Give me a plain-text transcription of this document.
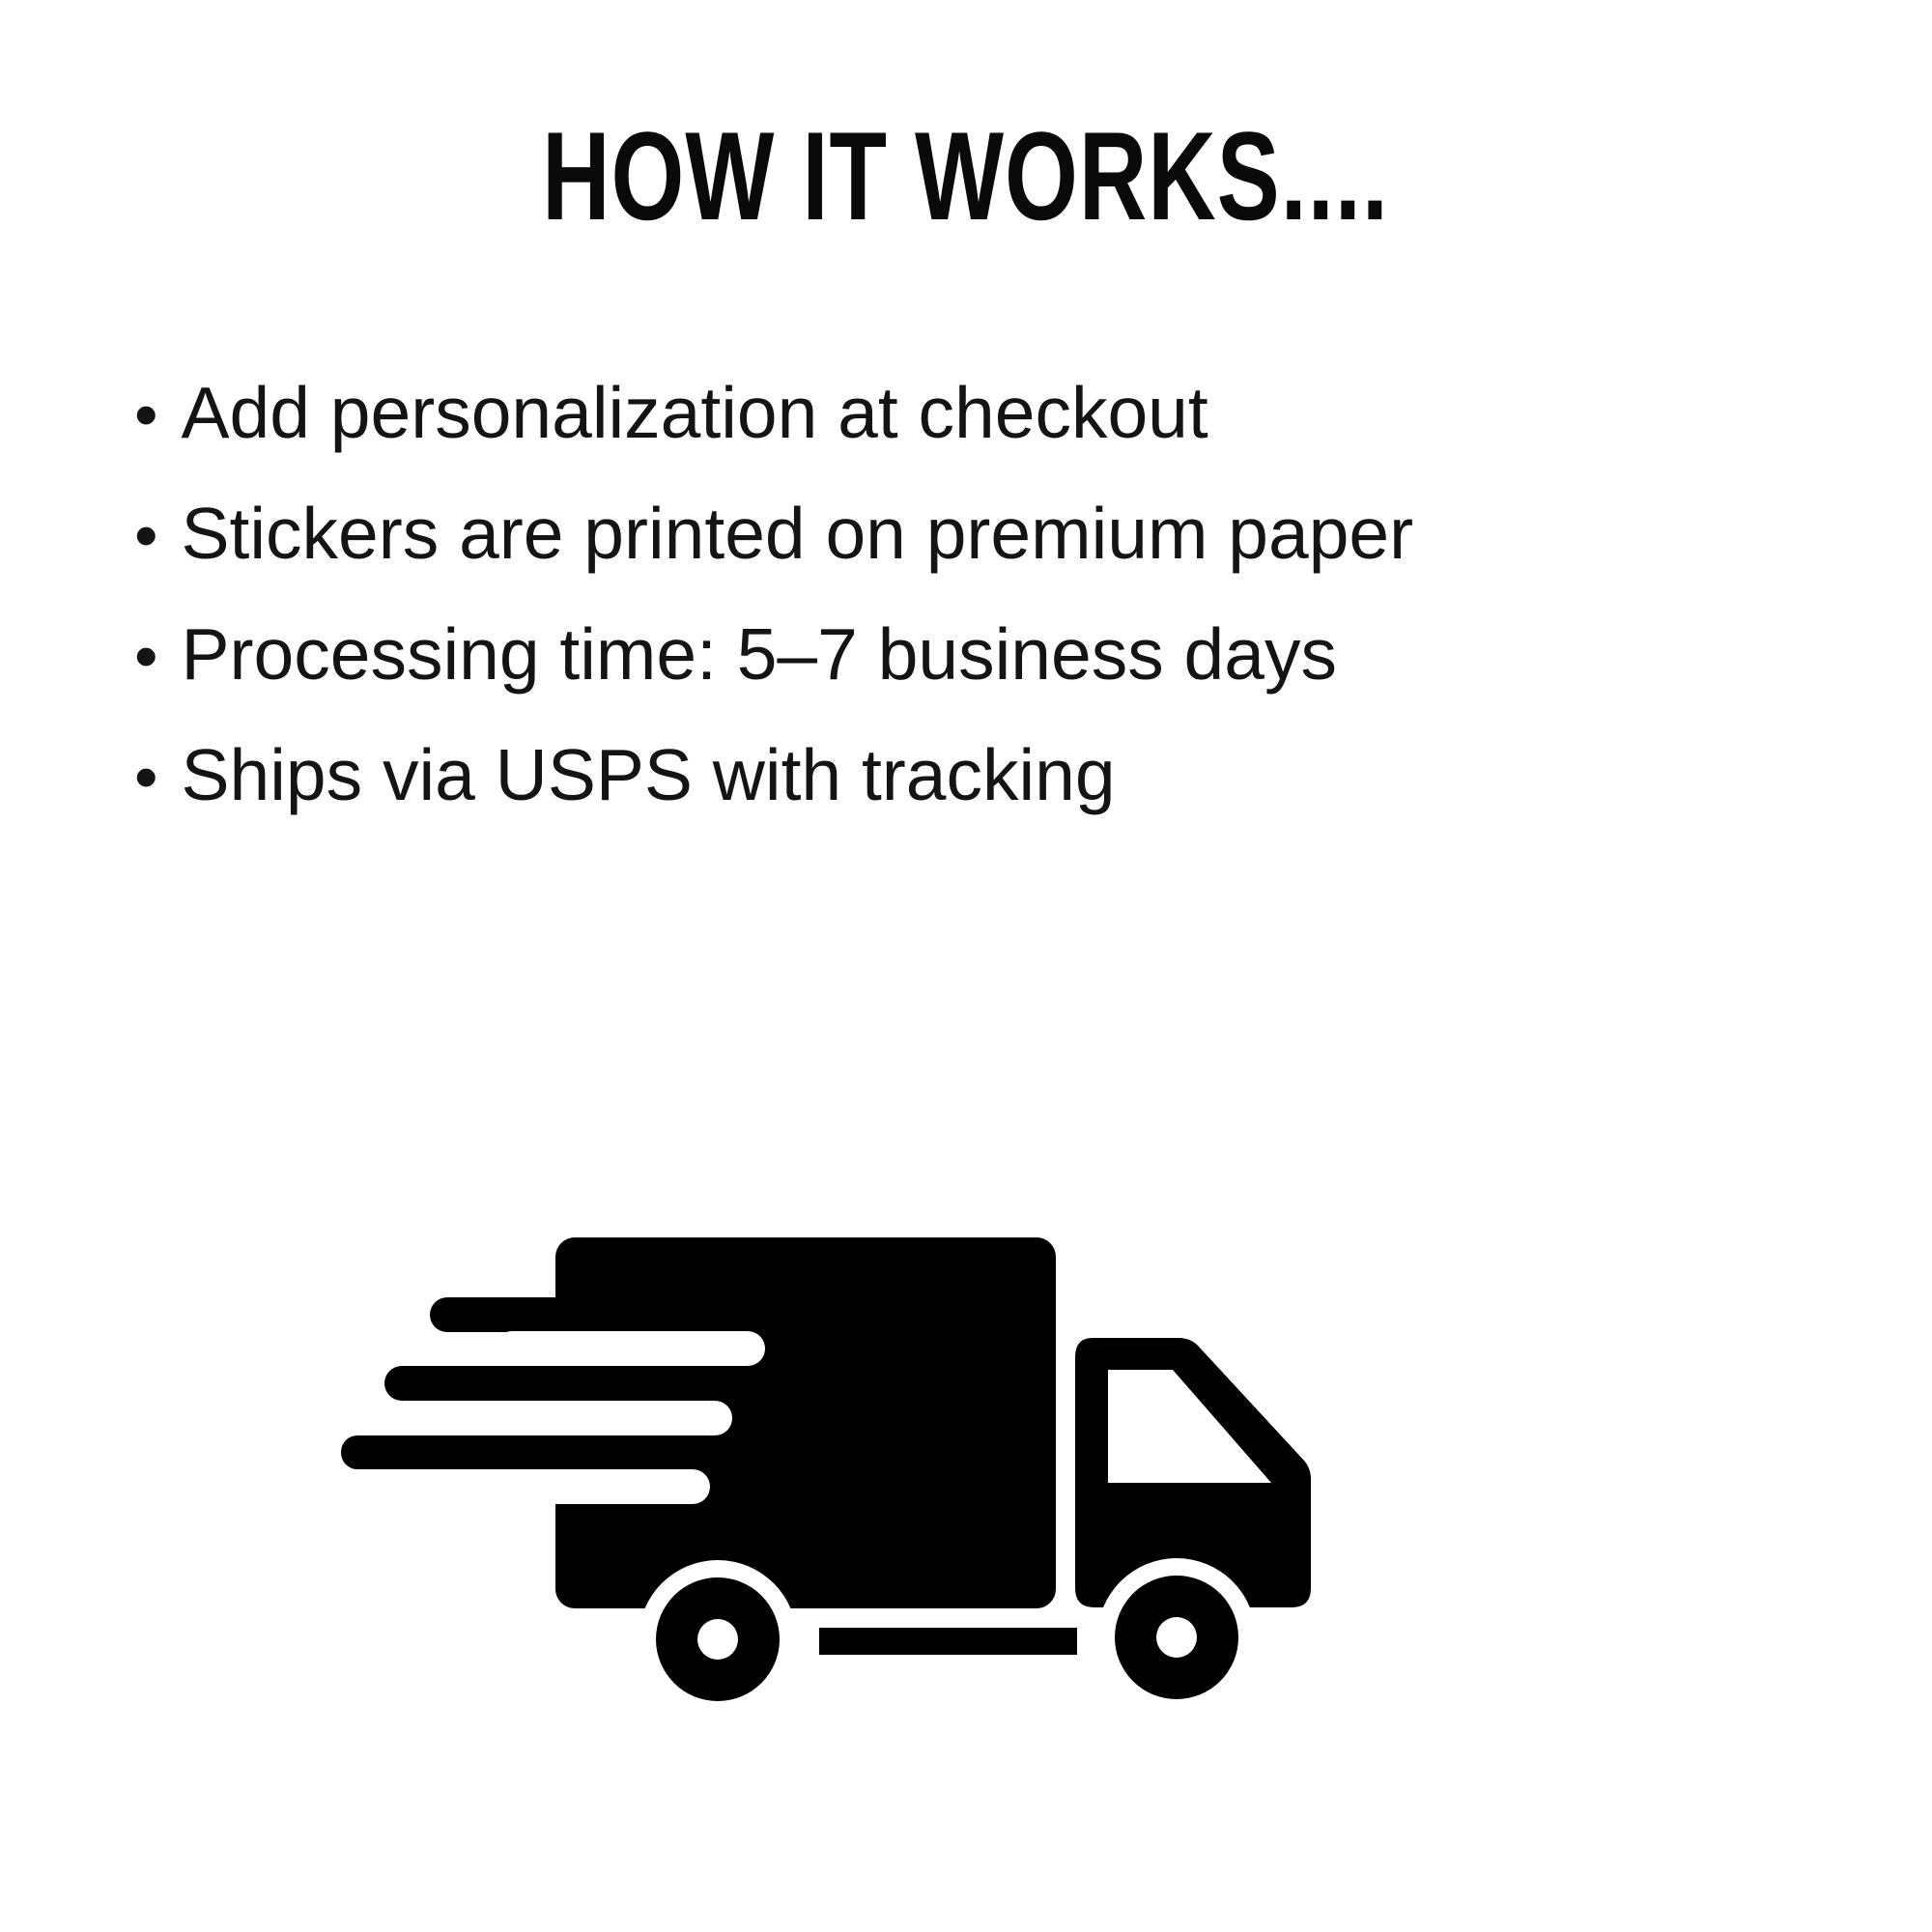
HOW IT WORKS....
• Add personalization at checkout
• Stickers are printed on premium paper
• Processing time: 5–7 business days
• Ships via USPS with tracking
